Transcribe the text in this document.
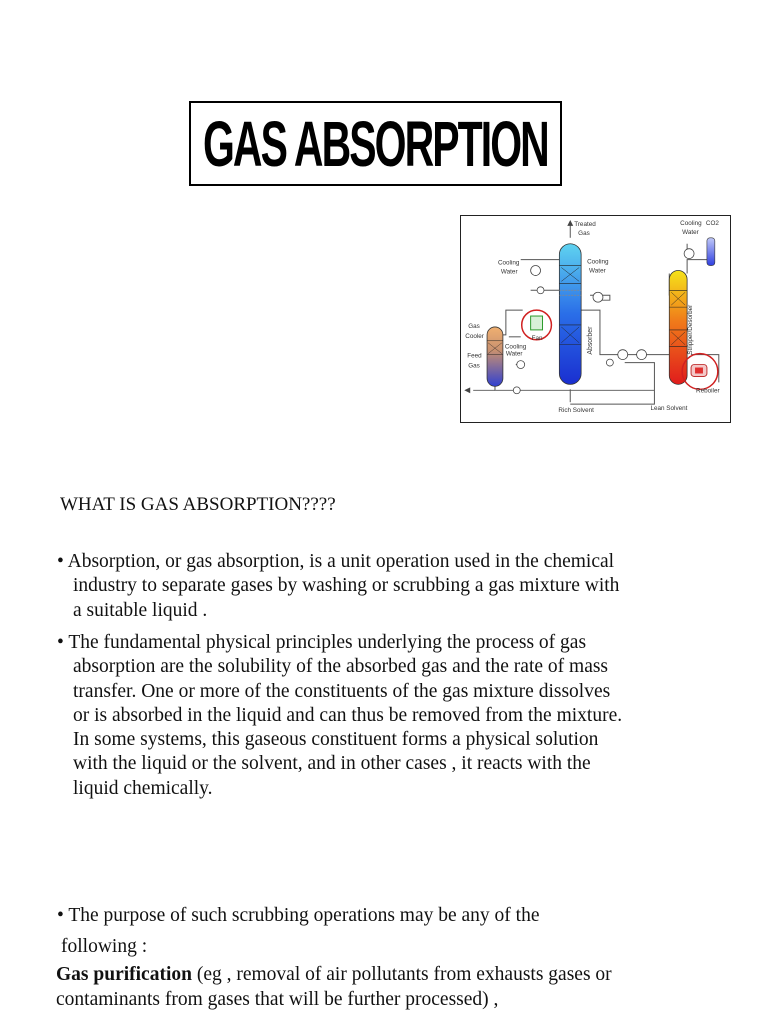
GAS ABSORPTION
Absorber	Stripper/Desorber
Fan
Reboiler
Treated
Gas
Cooling
Water
CO2
Cooling
Water
Cooling
Water
Gas
Cooler
Feed
Gas
Cooling
Water
Rich Solvent	Lean Solvent
WHAT IS GAS ABSORPTION????
• Absorption, or gas absorption, is a unit operation used in the chemical
industry to separate gases by washing or scrubbing a gas mixture with
a suitable liquid .
• The fundamental physical principles underlying the process of gas
absorption are the solubility of the absorbed gas and the rate of mass
transfer. One or more of the constituents of the gas mixture dissolves
or is absorbed in the liquid and can thus be removed from the mixture.
In some systems, this gaseous constituent forms a physical solution
with the liquid or the solvent, and in other cases , it reacts with the
liquid chemically.
• The purpose of such scrubbing operations may be any of the
following :
Gas purification (eg , removal of air pollutants from exhausts gases or
contaminants from gases that will be further processed) ,
